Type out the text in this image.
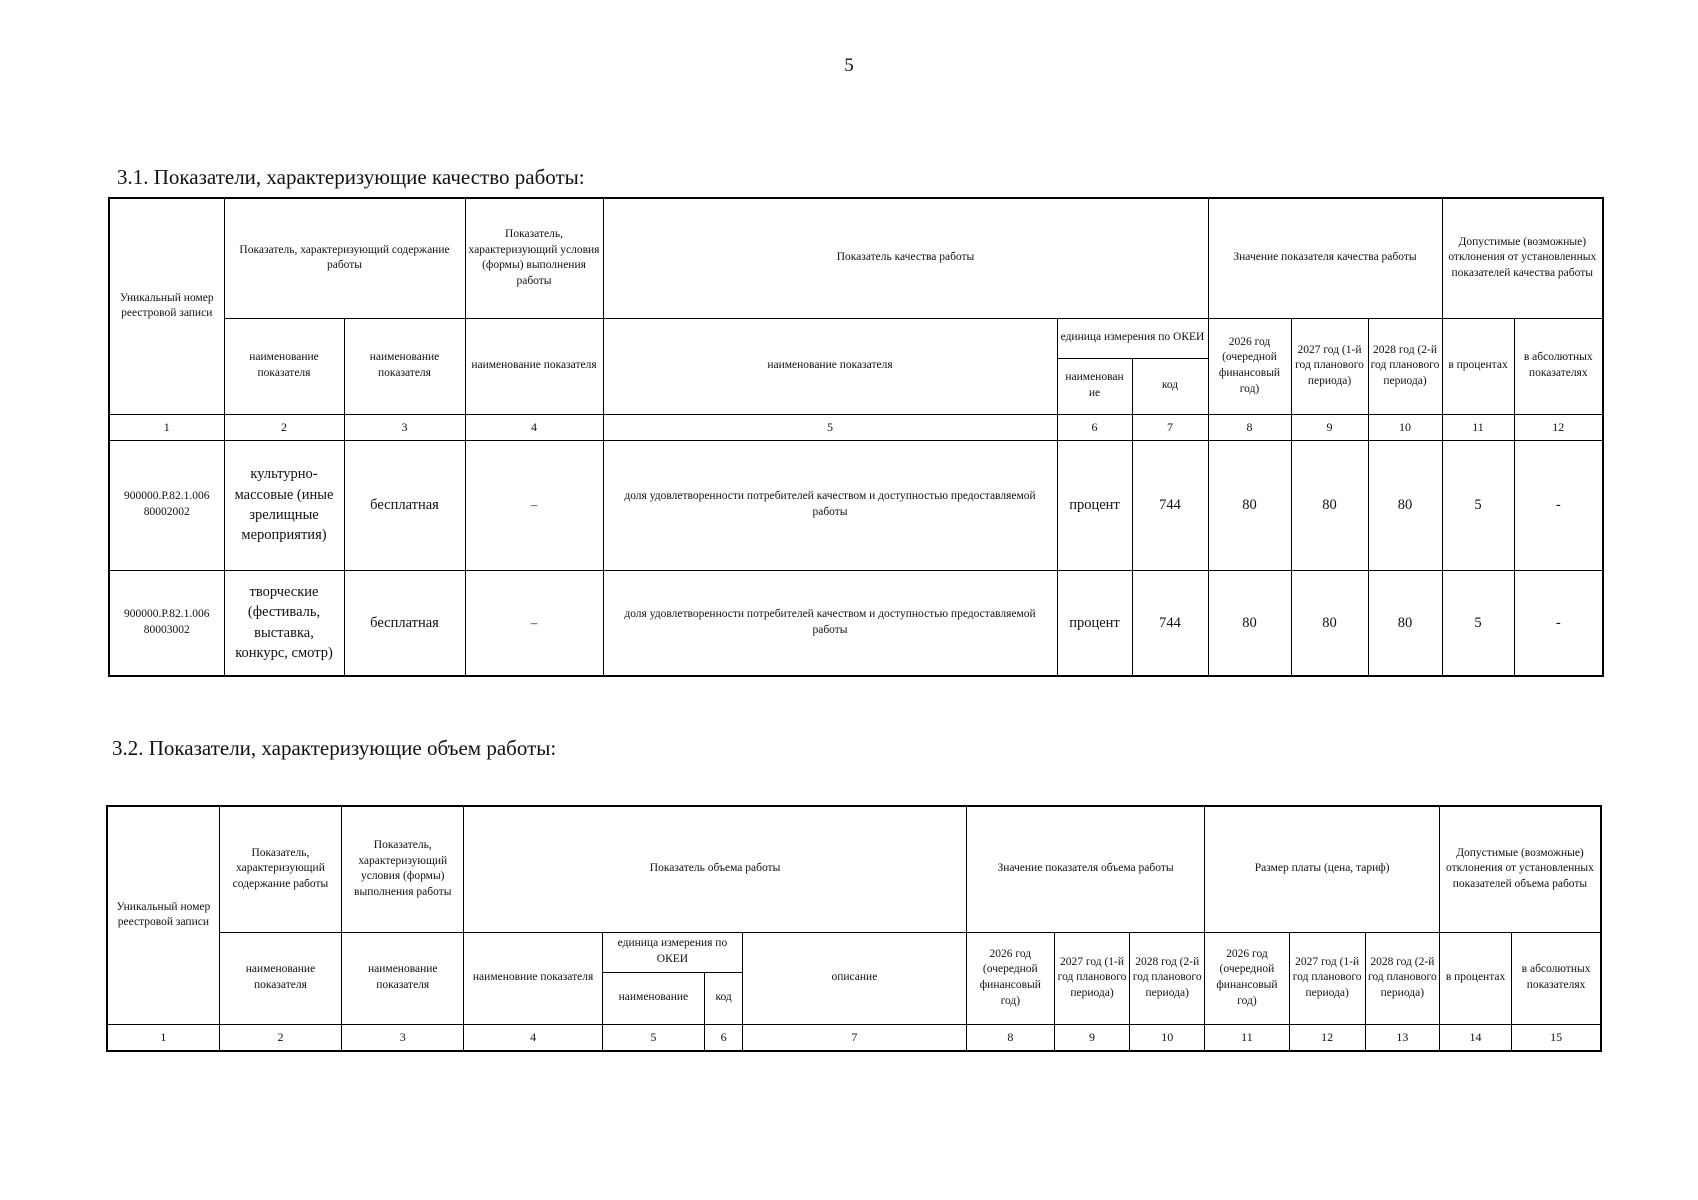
5
3.1. Показатели, характеризующие качество работы:
Уникальный номер реестровой записи	Показатель, характеризующий содержание работы		Показатель, характеризующий условия (формы) выполнения работы	Показатель качества работы			Значение показателя качества работы			Допустимые (возможные) отклонения от установленных показателей качества работы	
	наименование показателя	наименование показателя	наименование показателя	наименование показателя	единица измерения по ОКЕИ		2026 год (очередной финансовый год)	2027 год (1-й год планового периода)	2028 год (2-й год планового периода)	в процентах	в абсолютных показателях
					наименован ие	код					
1	2	3	4	5	6	7	8	9	10	11	12
900000.Р.82.1.006 80002002	культурно-массовые (иные зрелищные мероприятия)	бесплатная	–	доля удовлетворенности потребителей качеством и доступностью предоставляемой работы	процент	744	80	80	80	5	-
900000.Р.82.1.006 80003002	творческие (фестиваль, выставка, конкурс, смотр)	бесплатная	–	доля удовлетворенности потребителей качеством и доступностью предоставляемой работы	процент	744	80	80	80	5	-
3.2. Показатели, характеризующие объем работы:
Уникальный номер реестровой записи	Показатель, характеризующий содержание работы	Показатель, характеризующий условия (формы) выполнения работы	Показатель объема работы				Значение показателя объема работы			Размер платы (цена, тариф)			Допустимые (возможные) отклонения от установленных показателей объема работы	
	наименование показателя	наименование показателя	наименовние показателя	единица измерения по ОКЕИ		описание	2026 год (очередной финансовый год)	2027 год (1-й год планового периода)	2028 год (2-й год планового периода)	2026 год (очередной финансовый год)	2027 год (1-й год планового периода)	2028 год (2-й год планового периода)	в процентах	в абсолютных показателях
				наименование	код									
1	2	3	4	5	6	7	8	9	10	11	12	13	14	15
